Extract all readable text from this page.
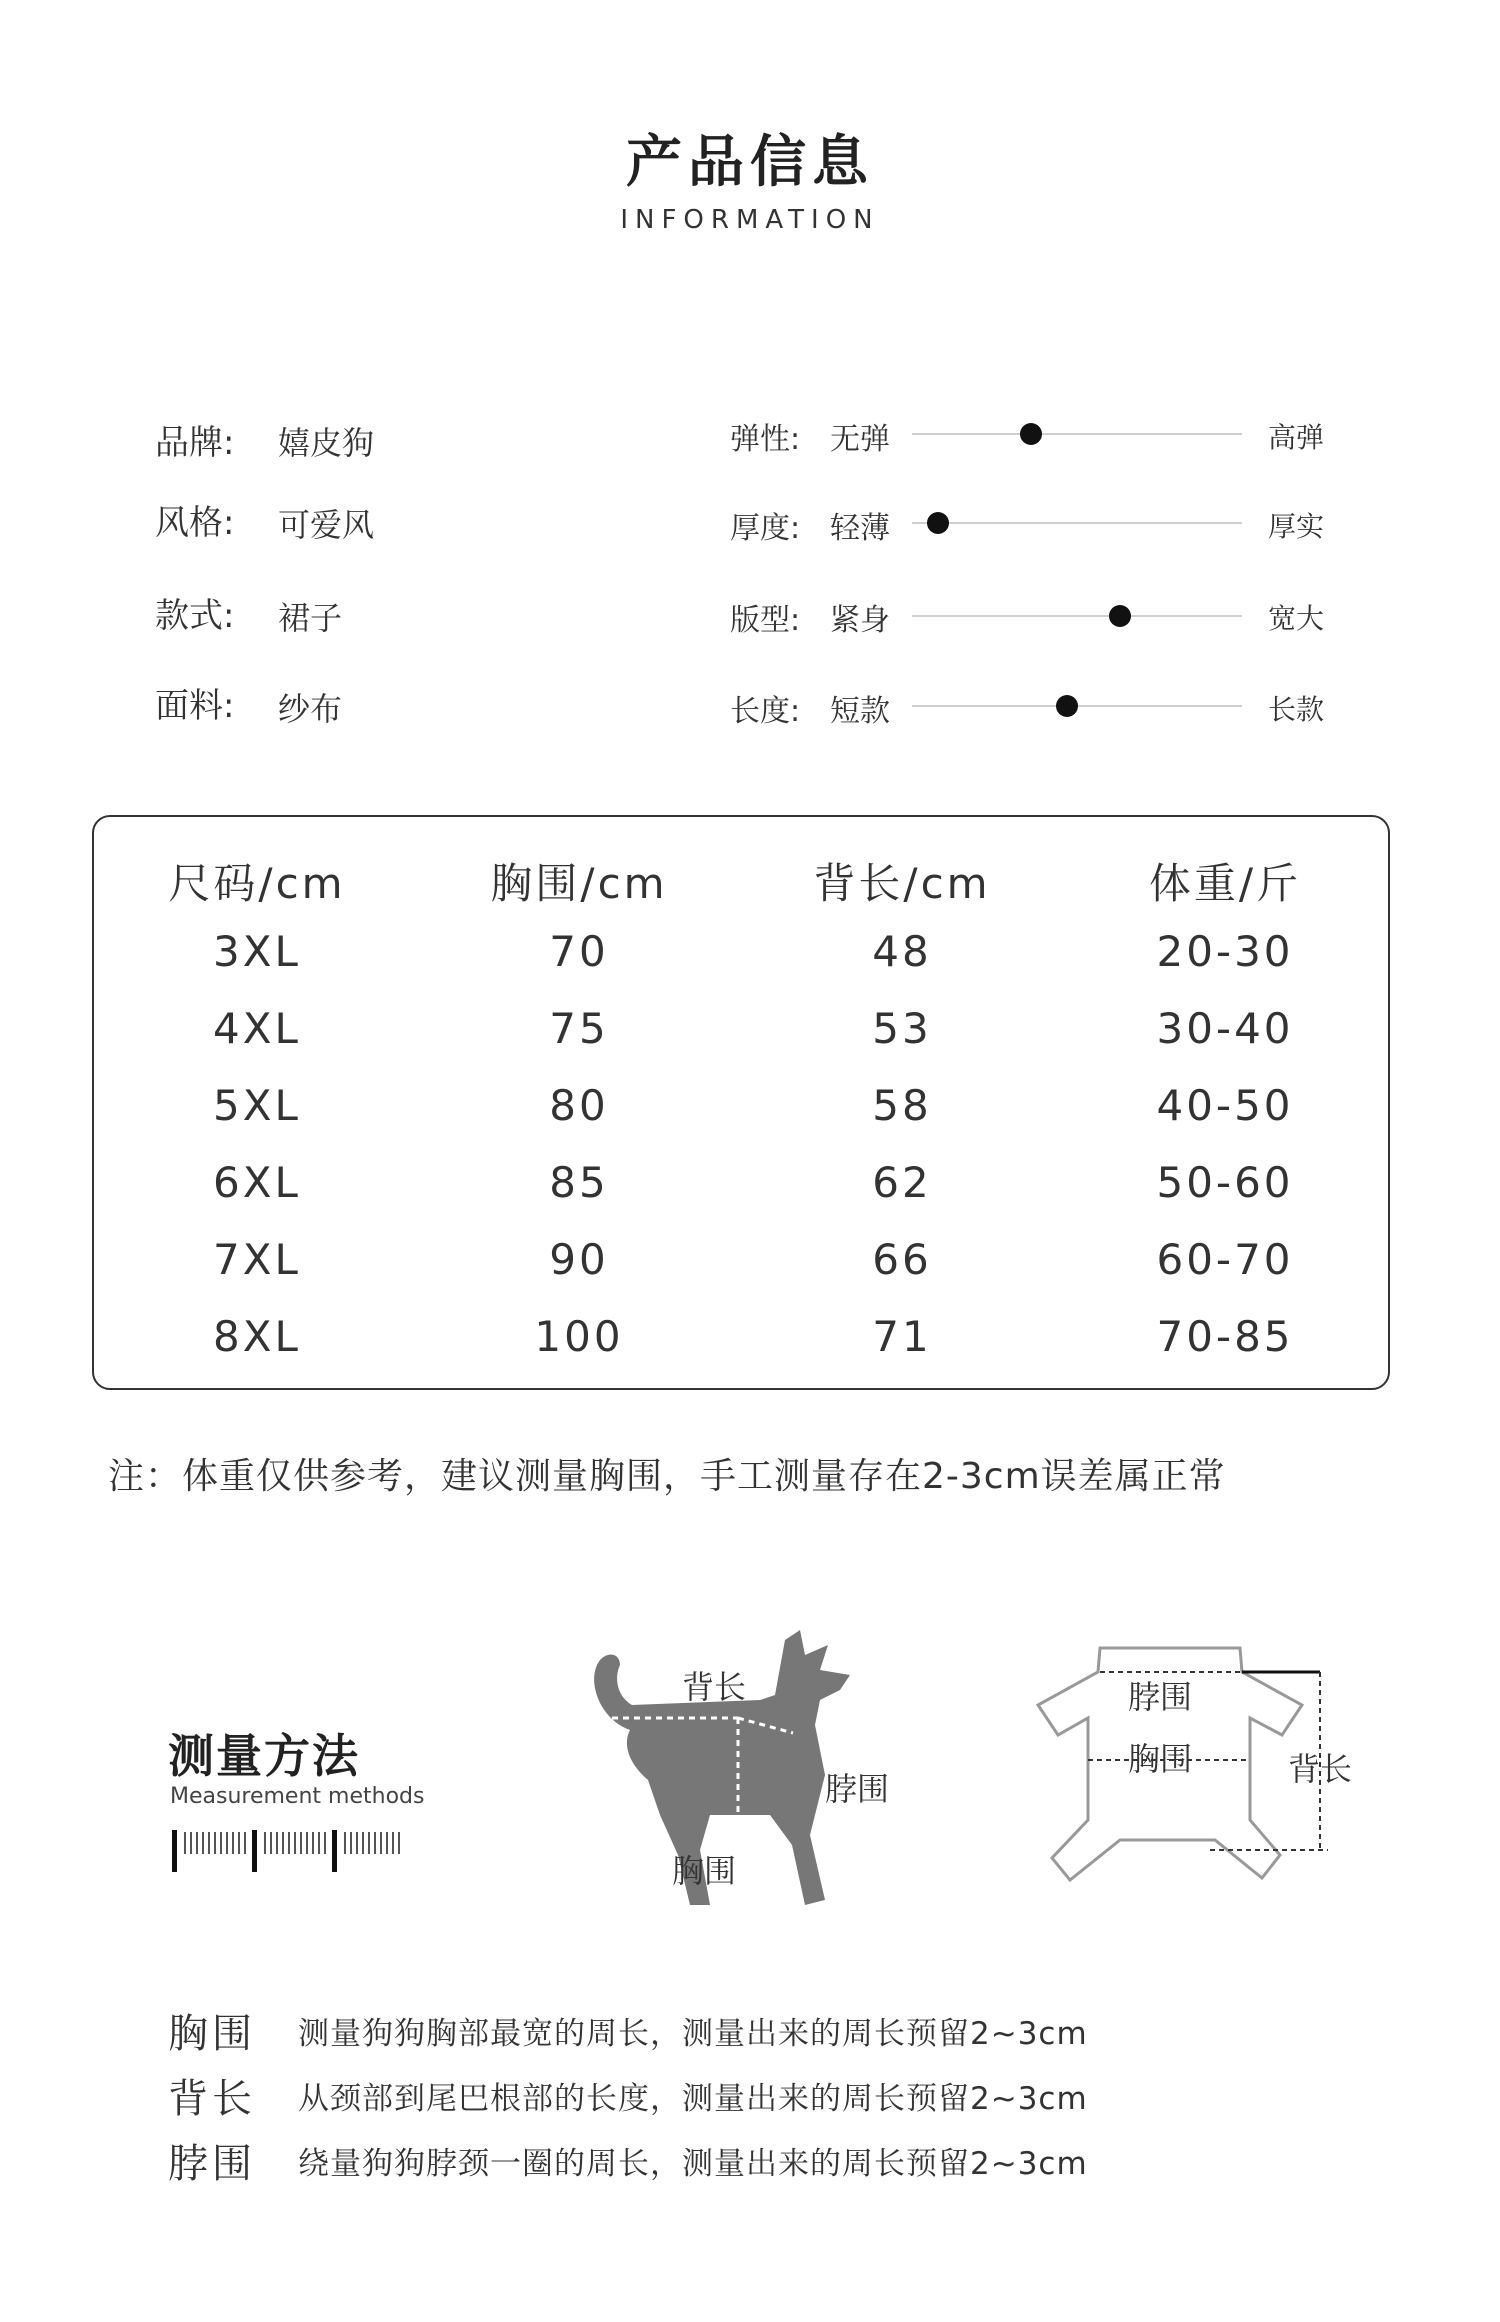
产品信息
INFORMATION
品牌: 嬉皮狗
风格: 可爱风
款式: 裙子
面料: 纱布
弹性: 无弹	高弹
厚度: 轻薄	厚实
版型: 紧身	宽大
长度: 短款	长款
尺码/cm	胸围/cm	背长/cm	体重/斤
3XL	70	48	20-30
4XL	75	53	30-40
5XL	80	58	40-50
6XL	85	62	50-60
7XL	90	66	60-70
8XL	100	71	70-85
注：体重仅供参考，建议测量胸围，手工测量存在2-3cm误差属正常
测量方法
Measurement methods
背长
脖围
胸围
脖围
胸围	背长
胸围 测量狗狗胸部最宽的周长，测量出来的周长预留2~3cm
背长 从颈部到尾巴根部的长度，测量出来的周长预留2~3cm
脖围 绕量狗狗脖颈一圈的周长，测量出来的周长预留2~3cm
